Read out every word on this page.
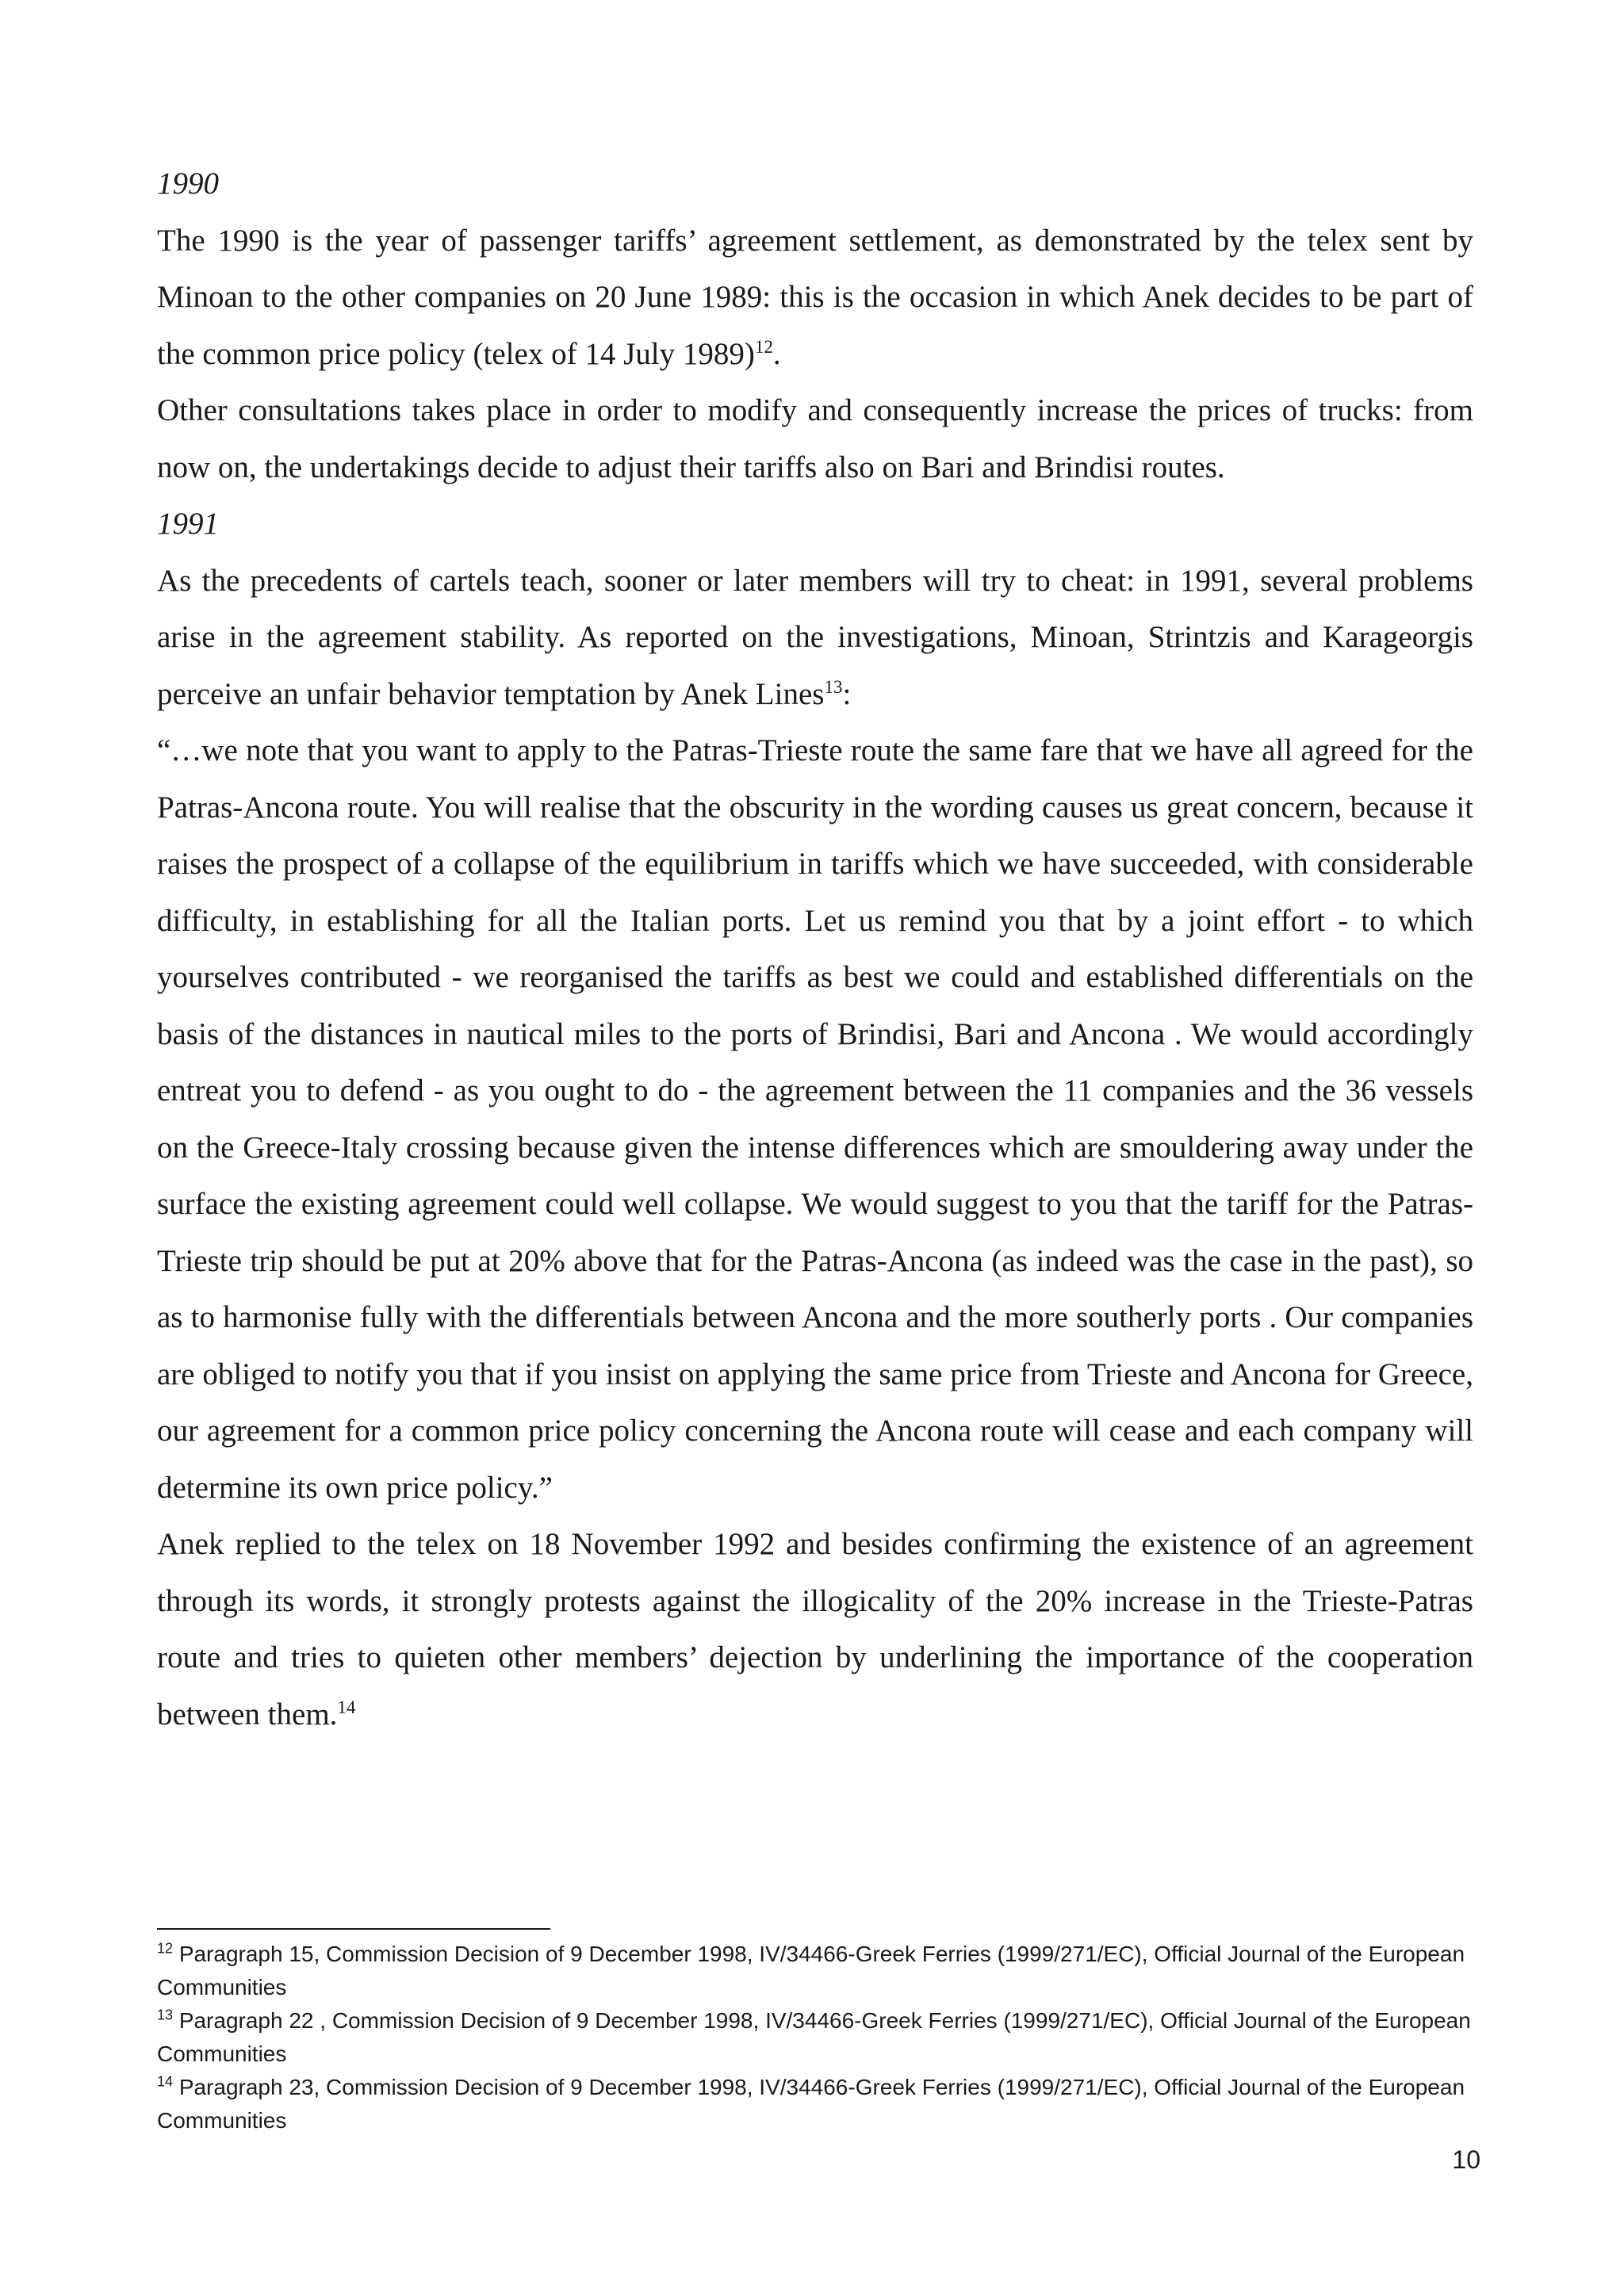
1990

The 1990 is the year of passenger tariffs’ agreement settlement, as demonstrated by the telex sent by Minoan to the other companies on 20 June 1989: this is the occasion in which Anek decides to be part of the common price policy (telex of 14 July 1989)$^{12}$.

Other consultations takes place in order to modify and consequently increase the prices of trucks: from now on, the undertakings decide to adjust their tariffs also on Bari and Brindisi routes.

1991

As the precedents of cartels teach, sooner or later members will try to cheat: in 1991, several problems arise in the agreement stability. As reported on the investigations, Minoan, Strintzis and Karageorgis perceive an unfair behavior temptation by Anek Lines$^{13}$:

“…we note that you want to apply to the Patras-Trieste route the same fare that we have all agreed for the Patras-Ancona route. You will realise that the obscurity in the wording causes us great concern, because it raises the prospect of a collapse of the equilibrium in tariffs which we have succeeded, with considerable difficulty, in establishing for all the Italian ports. Let us remind you that by a joint effort - to which yourselves contributed - we reorganised the tariffs as best we could and established differentials on the basis of the distances in nautical miles to the ports of Brindisi, Bari and Ancona . We would accordingly entreat you to defend - as you ought to do - the agreement between the 11 companies and the 36 vessels on the Greece-Italy crossing because given the intense differences which are smouldering away under the surface the existing agreement could well collapse. We would suggest to you that the tariff for the Patras-Trieste trip should be put at 20% above that for the Patras-Ancona (as indeed was the case in the past), so as to harmonise fully with the differentials between Ancona and the more southerly ports . Our companies are obliged to notify you that if you insist on applying the same price from Trieste and Ancona for Greece, our agreement for a common price policy concerning the Ancona route will cease and each company will determine its own price policy.”

Anek replied to the telex on 18 November 1992 and besides confirming the existence of an agreement through its words, it strongly protests against the illogicality of the 20% increase in the Trieste-Patras route and tries to quieten other members’ dejection by underlining the importance of the cooperation between them.$^{14}$

$^{12}$ Paragraph 15, Commission Decision of 9 December 1998, IV/34466-Greek Ferries (1999/271/EC), Official Journal of the European Communities

$^{13}$ Paragraph 22 , Commission Decision of 9 December 1998, IV/34466-Greek Ferries (1999/271/EC), Official Journal of the European Communities

$^{14}$ Paragraph 23, Commission Decision of 9 December 1998, IV/34466-Greek Ferries (1999/271/EC), Official Journal of the European Communities

10
